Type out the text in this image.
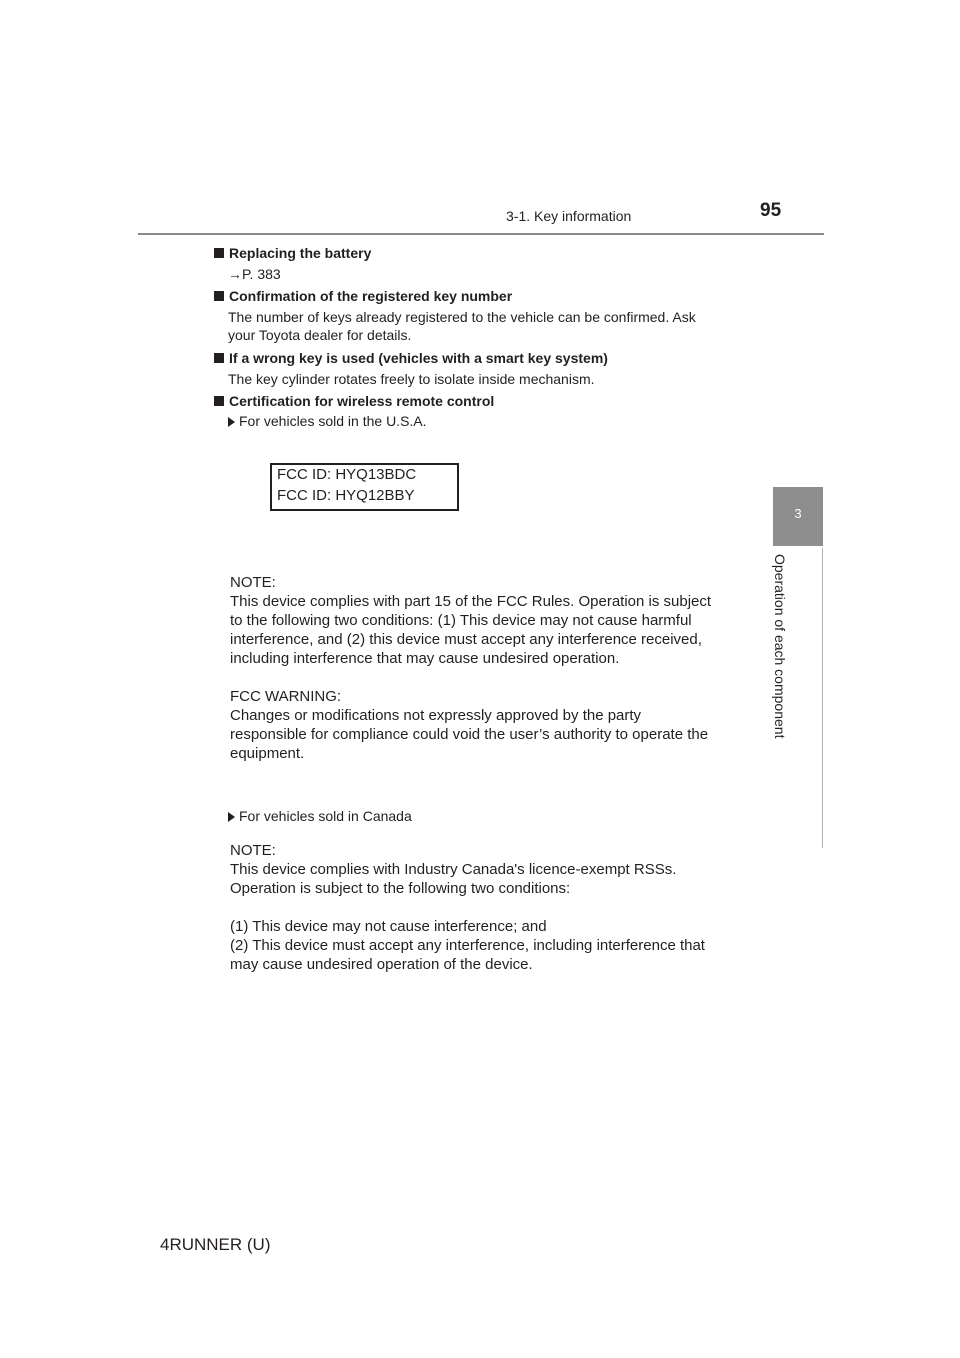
3-1. Key information	95
3
Operation of each component
Replacing the battery
→P. 383
Confirmation of the registered key number
The number of keys already registered to the vehicle can be confirmed. Ask
your Toyota dealer for details.
If a wrong key is used (vehicles with a smart key system)
The key cylinder rotates freely to isolate inside mechanism.
Certification for wireless remote control
For vehicles sold in the U.S.A.
FCC ID: HYQ13BDC
FCC ID: HYQ12BBY
NOTE:
This device complies with part 15 of the FCC Rules. Operation is subject
to the following two conditions: (1) This device may not cause harmful
interference, and (2) this device must accept any interference received,
including interference that may cause undesired operation.
FCC WARNING:
Changes or modifications not expressly approved by the party
responsible for compliance could void the user’s authority to operate the
equipment.
For vehicles sold in Canada
NOTE:
This device complies with Industry Canada's licence-exempt RSSs.
Operation is subject to the following two conditions:
(1) This device may not cause interference; and
(2) This device must accept any interference, including interference that
may cause undesired operation of the device.
4RUNNER (U)
